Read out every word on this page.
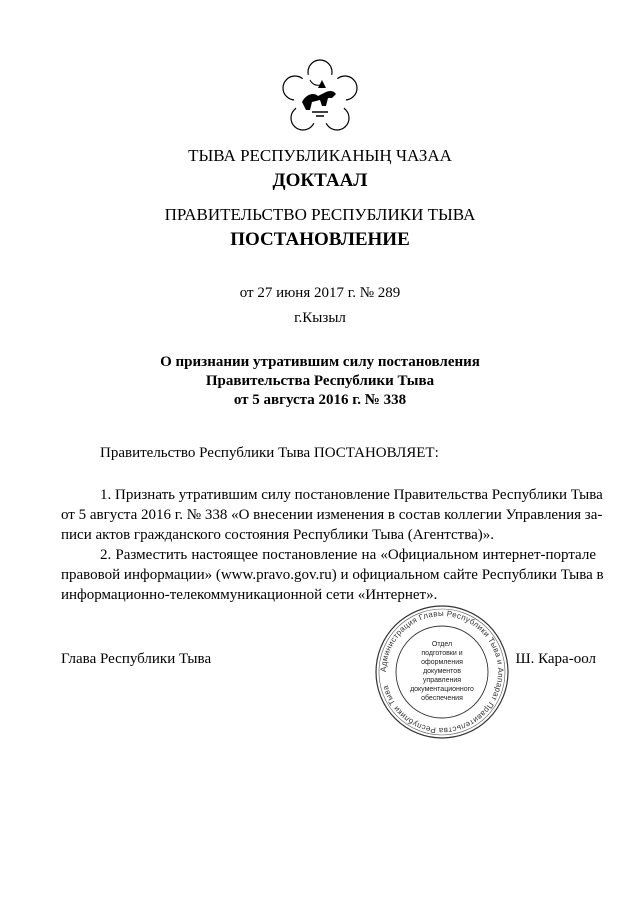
ТЫВА РЕСПУБЛИКАНЫҢ ЧАЗАА
ДОКТААЛ
ПРАВИТЕЛЬСТВО РЕСПУБЛИКИ ТЫВА
ПОСТАНОВЛЕНИЕ
от 27 июня 2017 г. № 289
г.Кызыл
О признании утратившим силу постановления
Правительства Республики Тыва
от 5 августа 2016 г. № 338
Правительство Республики Тыва ПОСТАНОВЛЯЕТ:
1. Признать утратившим силу постановление Правительства Республики Тыва
от 5 августа 2016 г. № 338 «О внесении изменения в состав коллегии Управления за-
писи актов гражданского состояния Республики Тыва (Агентства)».
2. Разместить настоящее постановление на «Официальном интернет-портале
правовой информации» (www.pravo.gov.ru) и официальном сайте Республики Тыва в
информационно-телекоммуникационной сети «Интернет».
Глава Республики Тывa
Администрация Главы Республики Тыва и Аппарат Правительства Республики Тыва
Отдел
подготовки и
оформления документов
управления
документационного
обеспечения
Ш. Кара-оол
